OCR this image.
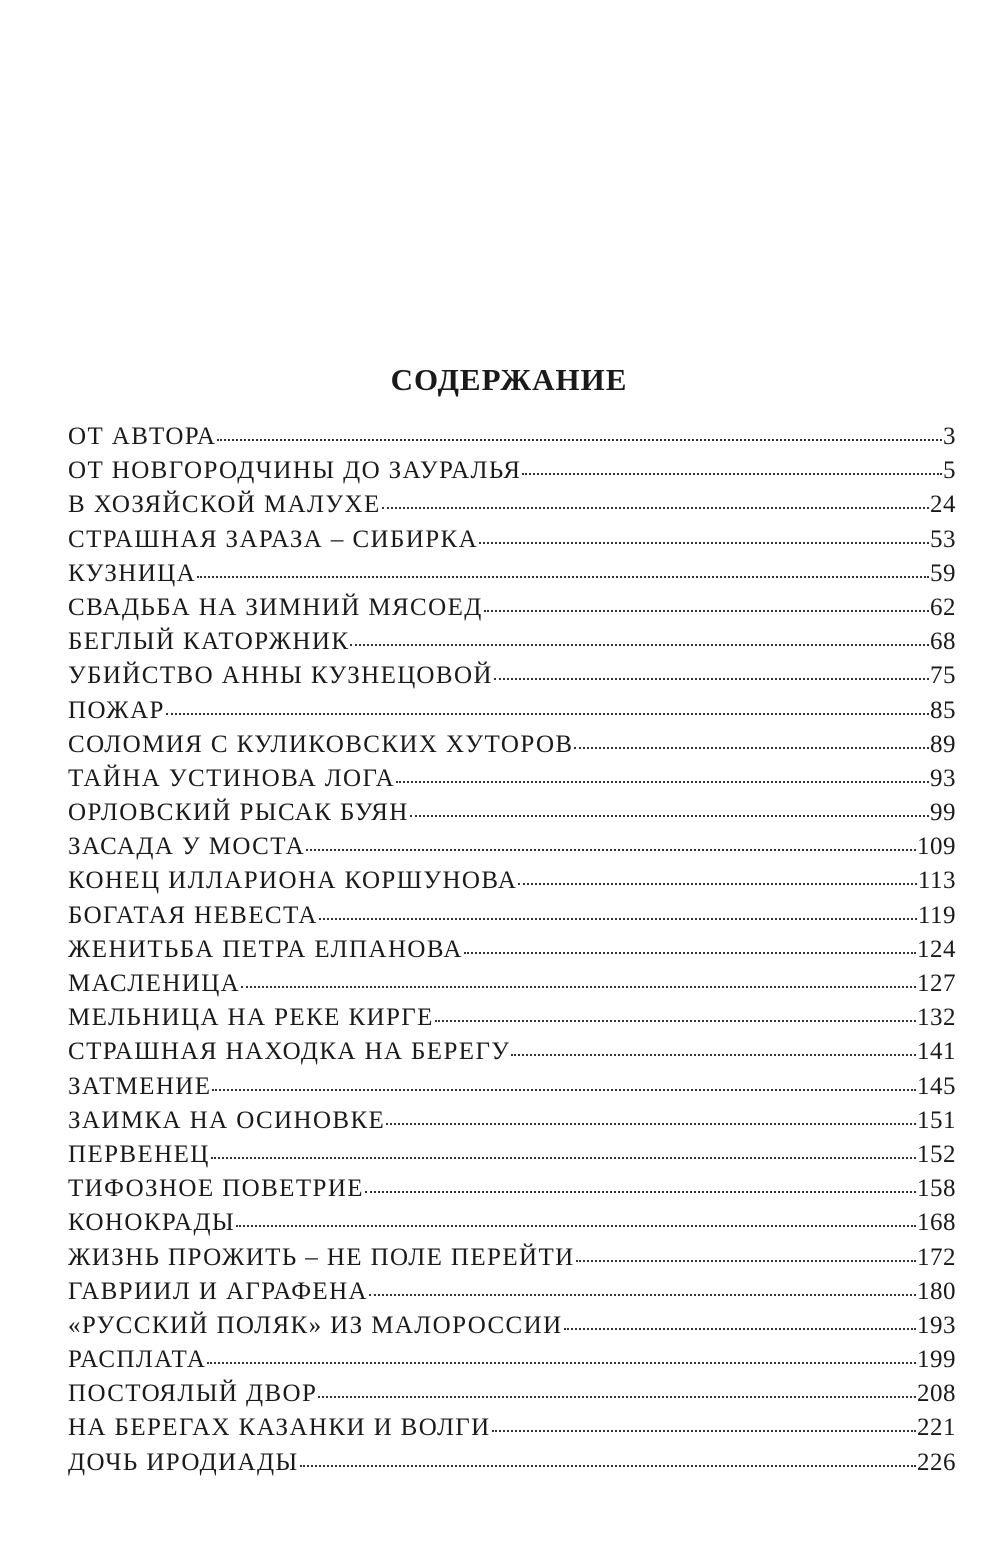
СОДЕРЖАНИЕ
ОТ АВТОРА	3
ОТ НОВГОРОДЧИНЫ ДО ЗАУРАЛЬЯ	5
В ХОЗЯЙСКОЙ МАЛУХЕ	24
СТРАШНАЯ ЗАРАЗА – СИБИРКА	53
КУЗНИЦА	59
СВАДЬБА НА ЗИМНИЙ МЯСОЕД	62
БЕГЛЫЙ КАТОРЖНИК	68
УБИЙСТВО АННЫ КУЗНЕЦОВОЙ	75
ПОЖАР	85
СОЛОМИЯ С КУЛИКОВСКИХ ХУТОРОВ	89
ТАЙНА УСТИНОВА ЛОГА	93
ОРЛОВСКИЙ РЫСАК БУЯН	99
ЗАСАДА У МОСТА	109
КОНЕЦ ИЛЛАРИОНА КОРШУНОВА	113
БОГАТАЯ НЕВЕСТА	119
ЖЕНИТЬБА ПЕТРА ЕЛПАНОВА	124
МАСЛЕНИЦА	127
МЕЛЬНИЦА НА РЕКЕ КИРГЕ	132
СТРАШНАЯ НАХОДКА НА БЕРЕГУ	141
ЗАТМЕНИЕ	145
ЗАИМКА НА ОСИНОВКЕ	151
ПЕРВЕНЕЦ	152
ТИФОЗНОЕ ПОВЕТРИЕ	158
КОНОКРАДЫ	168
ЖИЗНЬ ПРОЖИТЬ – НЕ ПОЛЕ ПЕРЕЙТИ	172
ГАВРИИЛ И АГРАФЕНА	180
«РУССКИЙ ПОЛЯК» ИЗ МАЛОРОССИИ	193
РАСПЛАТА	199
ПОСТОЯЛЫЙ ДВОР	208
НА БЕРЕГАХ КАЗАНКИ И ВОЛГИ	221
ДОЧЬ ИРОДИАДЫ	226
